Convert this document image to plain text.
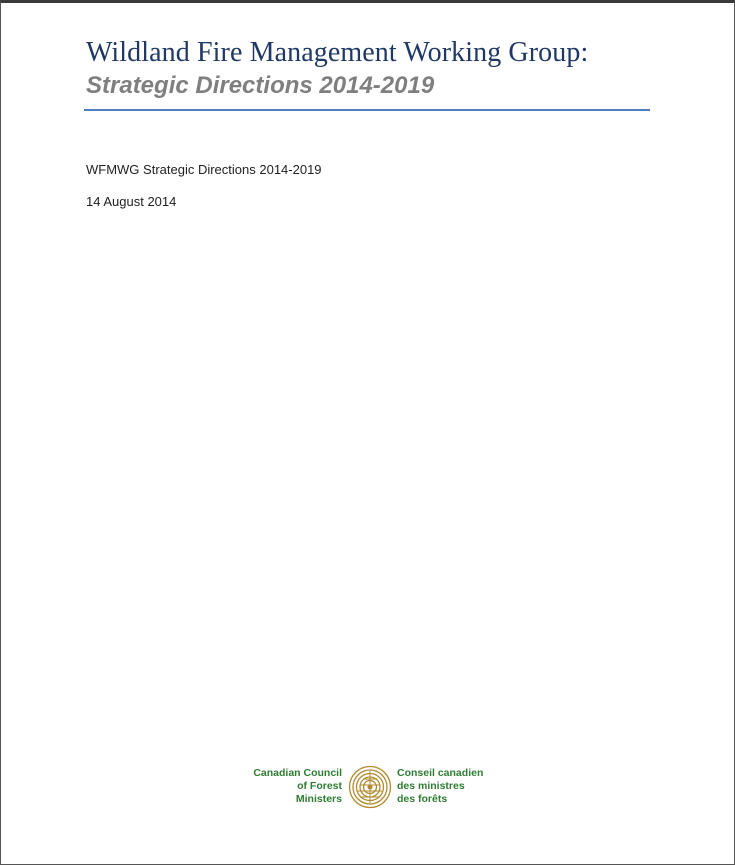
Wildland Fire Management Working Group:
Strategic Directions 2014-2019
WFMWG Strategic Directions 2014-2019
14 August 2014
Canadian Council
of Forest
Ministers
Conseil canadien
des ministres
des forêts
